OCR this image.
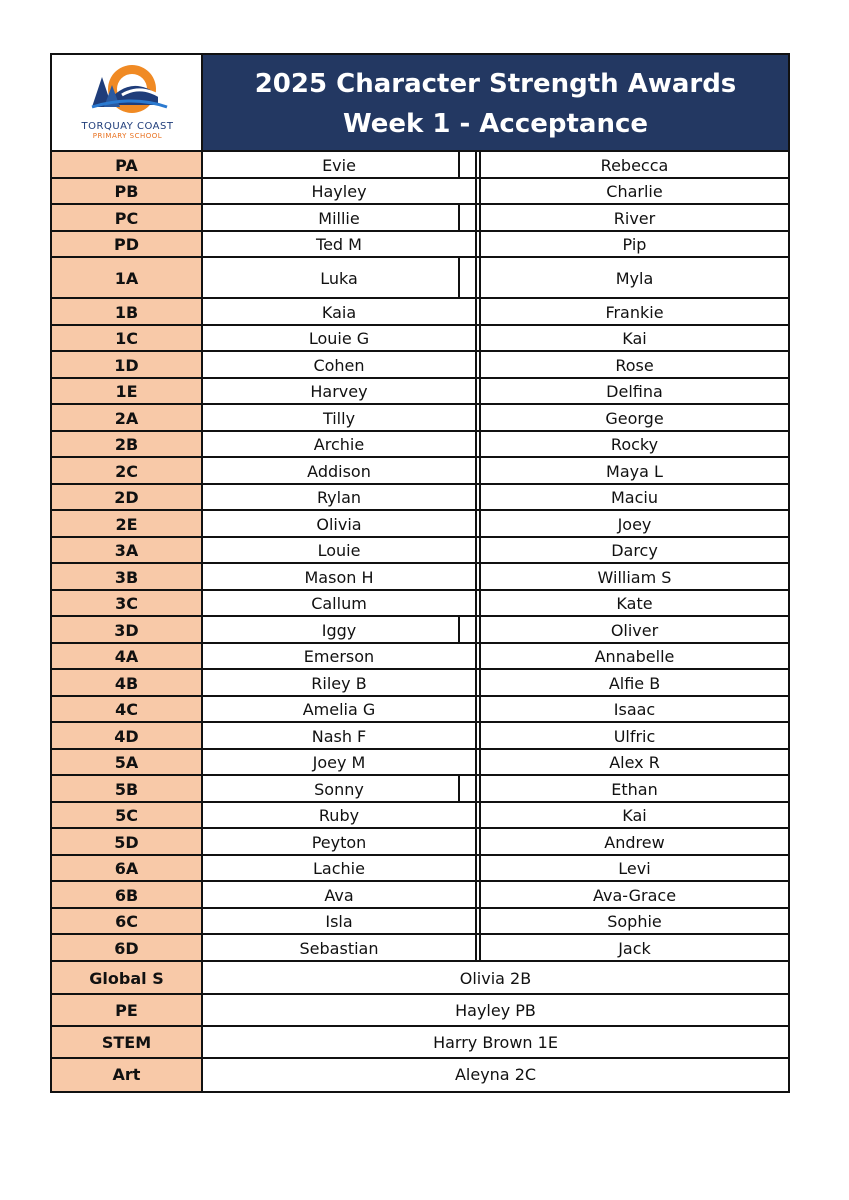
TORQUAY COAST
PRIMARY SCHOOL
2025 Character Strength Awards
Week 1 - Acceptance
PA	Evie	Rebecca
PB	Hayley	Charlie
PC	Millie	River
PD	Ted M	Pip
1A	Luka	Myla
1B	Kaia	Frankie
1C	Louie G	Kai
1D	Cohen	Rose
1E	Harvey	Delfina
2A	Tilly	George
2B	Archie	Rocky
2C	Addison	Maya L
2D	Rylan	Maciu
2E	Olivia	Joey
3A	Louie	Darcy
3B	Mason H	William S
3C	Callum	Kate
3D	Iggy	Oliver
4A	Emerson	Annabelle
4B	Riley B	Alfie B
4C	Amelia G	Isaac
4D	Nash F	Ulfric
5A	Joey M	Alex R
5B	Sonny	Ethan
5C	Ruby	Kai
5D	Peyton	Andrew
6A	Lachie	Levi
6B	Ava	Ava-Grace
6C	Isla	Sophie
6D	Sebastian	Jack
Global S	Olivia 2B
PE	Hayley PB
STEM	Harry Brown 1E
Art	Aleyna 2C
